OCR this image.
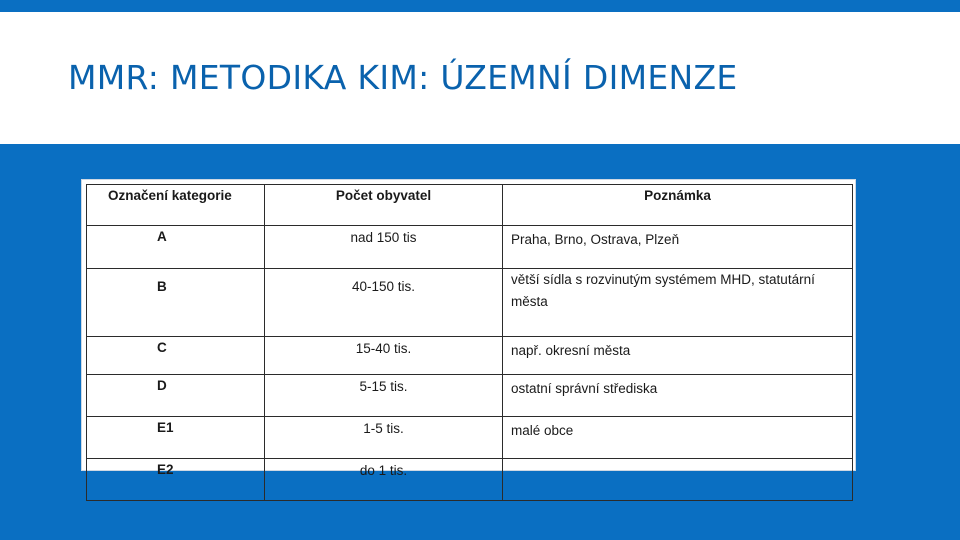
MMR: METODIKA KIM: ÚZEMNÍ DIMENZE
Označení kategorie	Počet obyvatel	Poznámka
A	nad 150 tis	Praha, Brno, Ostrava, Plzeň

B	40-150 tis.	větší sídla s rozvinutým systémem MHD, statutární města
C	15-40 tis.	např. okresní města
D	5-15 tis.	ostatní správní střediska
E1	1-5 tis.	malé obce
E2	do 1 tis.	
